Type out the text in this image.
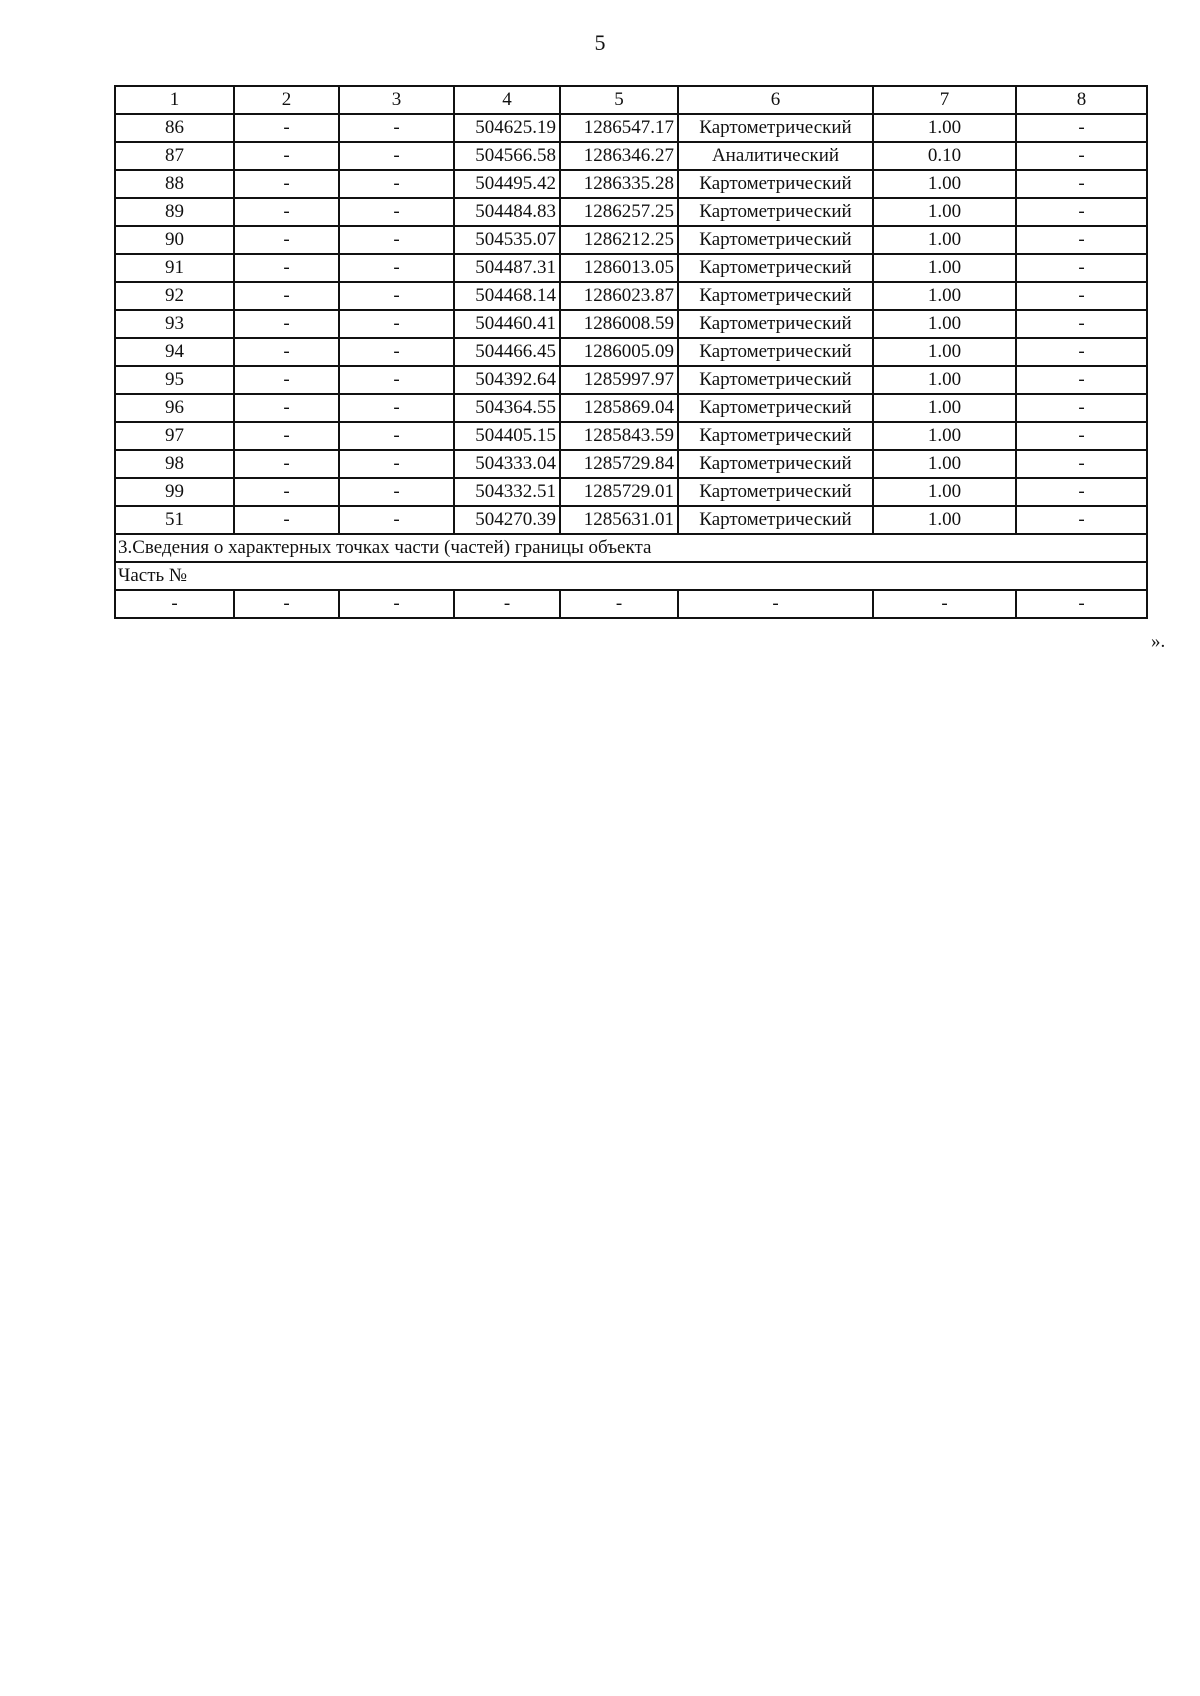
5
1	2	3	4	5	6	7	8
86	-	-	504625.19	1286547.17	Картометрический	1.00	-
87	-	-	504566.58	1286346.27	Аналитический	0.10	-
88	-	-	504495.42	1286335.28	Картометрический	1.00	-
89	-	-	504484.83	1286257.25	Картометрический	1.00	-
90	-	-	504535.07	1286212.25	Картометрический	1.00	-
91	-	-	504487.31	1286013.05	Картометрический	1.00	-
92	-	-	504468.14	1286023.87	Картометрический	1.00	-
93	-	-	504460.41	1286008.59	Картометрический	1.00	-
94	-	-	504466.45	1286005.09	Картометрический	1.00	-
95	-	-	504392.64	1285997.97	Картометрический	1.00	-
96	-	-	504364.55	1285869.04	Картометрический	1.00	-
97	-	-	504405.15	1285843.59	Картометрический	1.00	-
98	-	-	504333.04	1285729.84	Картометрический	1.00	-
99	-	-	504332.51	1285729.01	Картометрический	1.00	-
51	-	-	504270.39	1285631.01	Картометрический	1.00	-
3.Сведения о характерных точках части (частей) границы объекта							
Часть №							
-	-	-	-	-	-	-	-
».
